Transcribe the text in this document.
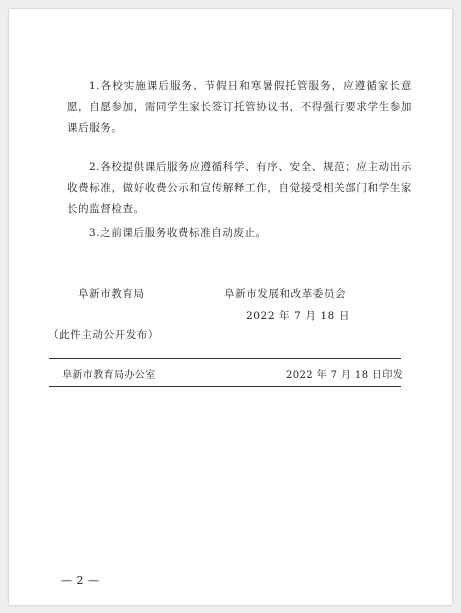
1.各校实施课后服务、节假日和寒暑假托管服务，应遵循家长意愿，自愿参加，需同学生家长签订托管协议书，不得强行要求学生参加课后服务。

2.各校提供课后服务应遵循科学、有序、安全、规范；应主动出示收费标准，做好收费公示和宣传解释工作，自觉接受相关部门和学生家长的监督检查。

3.之前课后服务收费标准自动废止。

阜新市教育局	阜新市发展和改革委员会
2022 年 7 月 18 日
（此件主动公开发布）
阜新市教育局办公室	2022 年 7 月 18 日印发
— 2 —
